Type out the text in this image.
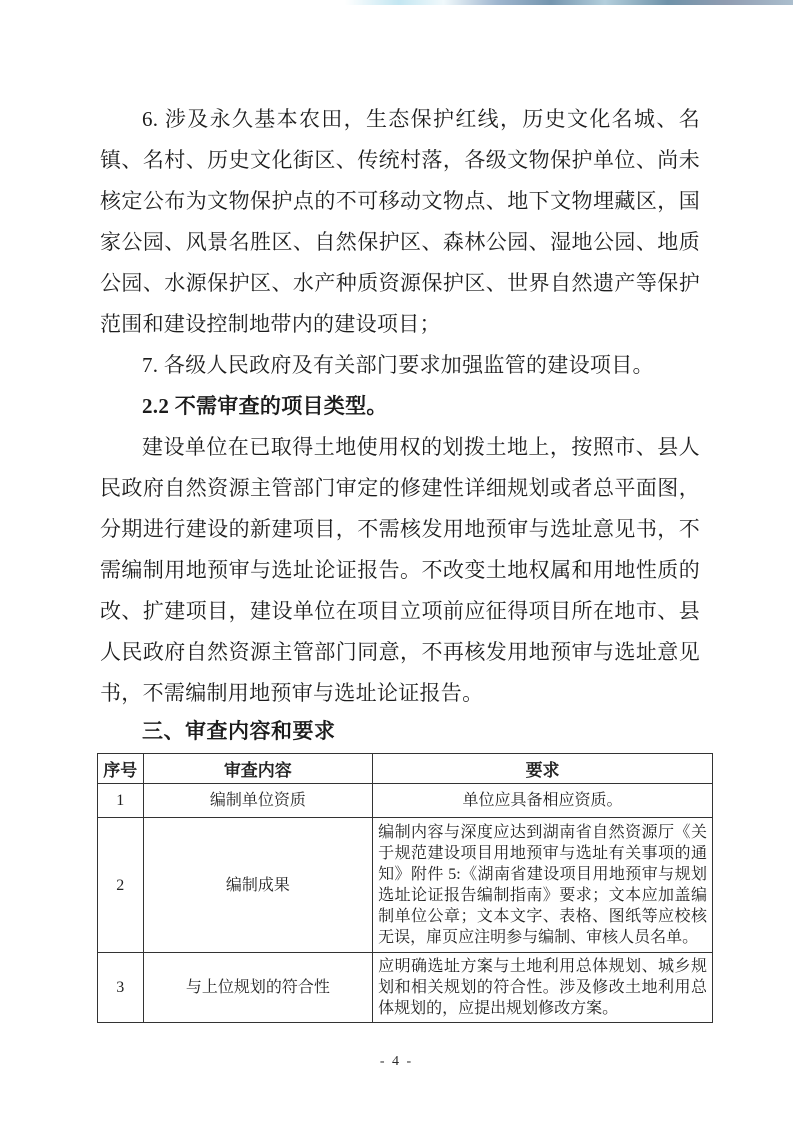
6. 涉及永久基本农田，生态保护红线，历史文化名城、名镇、名村、历史文化街区、传统村落，各级文物保护单位、尚未核定公布为文物保护点的不可移动文物点、地下文物埋藏区，国家公园、风景名胜区、自然保护区、森林公园、湿地公园、地质公园、水源保护区、水产种质资源保护区、世界自然遗产等保护范围和建设控制地带内的建设项目；

7. 各级人民政府及有关部门要求加强监管的建设项目。

2.2 不需审查的项目类型。

建设单位在已取得土地使用权的划拨土地上，按照市、县人民政府自然资源主管部门审定的修建性详细规划或者总平面图，分期进行建设的新建项目，不需核发用地预审与选址意见书，不需编制用地预审与选址论证报告。不改变土地权属和用地性质的改、扩建项目，建设单位在项目立项前应征得项目所在地市、县人民政府自然资源主管部门同意，不再核发用地预审与选址意见书，不需编制用地预审与选址论证报告。

三、审查内容和要求
序号	审查内容	要求
1	编制单位资质	单位应具备相应资质。
2	编制成果	编制内容与深度应达到湖南省自然资源厅《关于规范建设项目用地预审与选址有关事项的通知》附件 5:《湖南省建设项目用地预审与规划选址论证报告编制指南》要求；文本应加盖编制单位公章；文本文字、表格、图纸等应校核无误，扉页应注明参与编制、审核人员名单。
3	与上位规划的符合性	应明确选址方案与土地利用总体规划、城乡规划和相关规划的符合性。涉及修改土地利用总体规划的，应提出规划修改方案。
- 4 -
